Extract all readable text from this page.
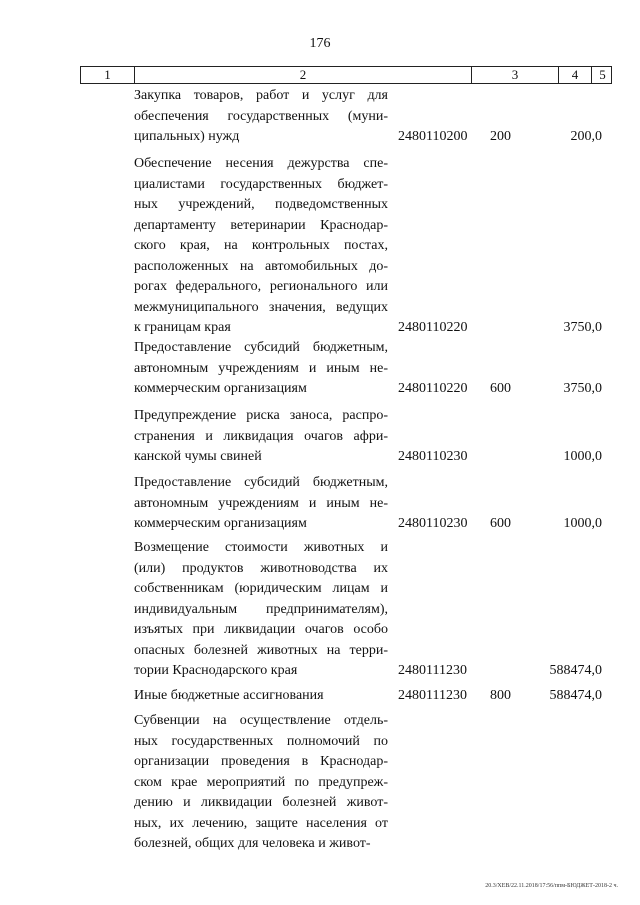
176
1	2	3	4	5
Закупка товаров, работ и услуг для
обеспечения государственных (муни-
ципальных) нужд	2480110200 200	200,0
Обеспечение несения дежурства спе-
циалистами государственных бюджет-
ных учреждений, подведомственных
департаменту ветеринарии Краснодар-
ского края, на контрольных постах,
расположенных на автомобильных до-
рогах федерального, регионального или
межмуниципального значения, ведущих
к границам края	2480110220	3750,0
Предоставление субсидий бюджетным,
автономным учреждениям и иным не-
коммерческим организациям	2480110220 600	3750,0
Предупреждение риска заноса, распро-
странения и ликвидация очагов афри-
канской чумы свиней	2480110230	1000,0
Предоставление субсидий бюджетным,
автономным учреждениям и иным не-
коммерческим организациям	2480110230 600	1000,0
Возмещение стоимости животных и
(или) продуктов животноводства их
собственникам (юридическим лицам и
индивидуальным предпринимателям),
изъятых при ликвидации очагов особо
опасных болезней животных на терри-
тории Краснодарского края	2480111230	588474,0
Иные бюджетные ассигнования	2480111230 800	588474,0
Субвенции на осуществление отдель-
ных государственных полномочий по
организации проведения в Краснодар-
ском крае мероприятий по предупреж-
дению и ликвидации болезней живот-
ных, их лечению, защите населения от
болезней, общих для человека и живот-
20.3/ХЕВ/22.11.2018/17:56/ппм-БЮДЖЕТ-2018-2 ч.
